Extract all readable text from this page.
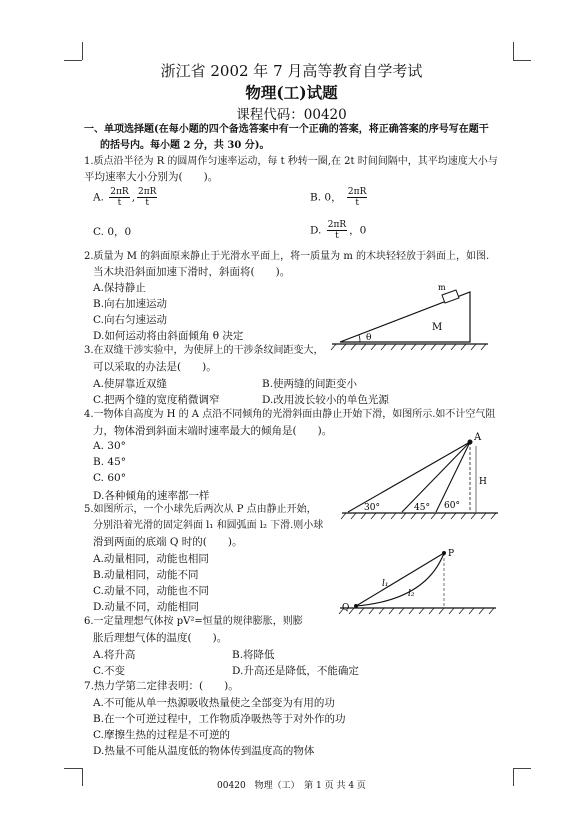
浙江省 2002 年 7 月高等教育自学考试
物理(工)试题
课程代码：00420
一、单项选择题(在每小题的四个备选答案中有一个正确的答案，将正确答案的序号写在题干
的括号内。每小题 2 分，共 30 分)。
1.质点沿半径为 R 的圆周作匀速率运动，每 t 秒转一圈,在 2t 时间间隔中，其平均速度大小与
平均速率大小分别为(　　)。
A. $\frac{2\pi R}{t}$ , $\frac{2\pi R}{t}$	B. 0， $\frac{2\pi R}{t}$
C. 0，0	D. $\frac{2\pi R}{t}$ ，0
2.质量为 M 的斜面原来静止于光滑水平面上，将一质量为 m 的木块轻轻放于斜面上，如图.
当木块沿斜面加速下滑时，斜面将(　　)。
A.保持静止
B.向右加速运动
C.向右匀速运动
D.如何运动将由斜面倾角 θ 决定	θ
m
M
3.在双缝干涉实验中，为使屏上的干涉条纹间距变大，
可以采取的办法是(　　)。
A.使屏靠近双缝	B.使两缝的间距变小
C.把两个缝的宽度稍微调窄	D.改用波长较小的单色光源
4.一物体自高度为 H 的 A 点沿不同倾角的光滑斜面由静止开始下滑，如图所示.如不计空气阻
力，物体滑到斜面末端时速率最大的倾角是(　　)。
A. 30°
B. 45°
C. 60°
D.各种倾角的速率都一样
A
H
30°	45° 60°
5.如图所示，一个小球先后两次从 P 点由静止开始，
分别沿着光滑的固定斜面 l₁ 和圆弧面 l₂ 下滑.则小球
滑到两面的底端 Q 时的(　　)。
A.动量相同，动能也相同
B.动量相同，动能不同
C.动量不同，动能也不同
D.动量不同，动能相同
P
Q
l₁
l₂
6.一定量理想气体按 pV²=恒量的规律膨胀，则膨
胀后理想气体的温度(　　)。
A.将升高	B.将降低
C.不变	D.升高还是降低，不能确定
7.热力学第二定律表明：(　　)。
A.不可能从单一热源吸收热量使之全部变为有用的功
B.在一个可逆过程中，工作物质净吸热等于对外作的功
C.摩擦生热的过程是不可逆的
D.热量不可能从温度低的物体传到温度高的物体
00420　物理（工）　第 1 页 共 4 页
